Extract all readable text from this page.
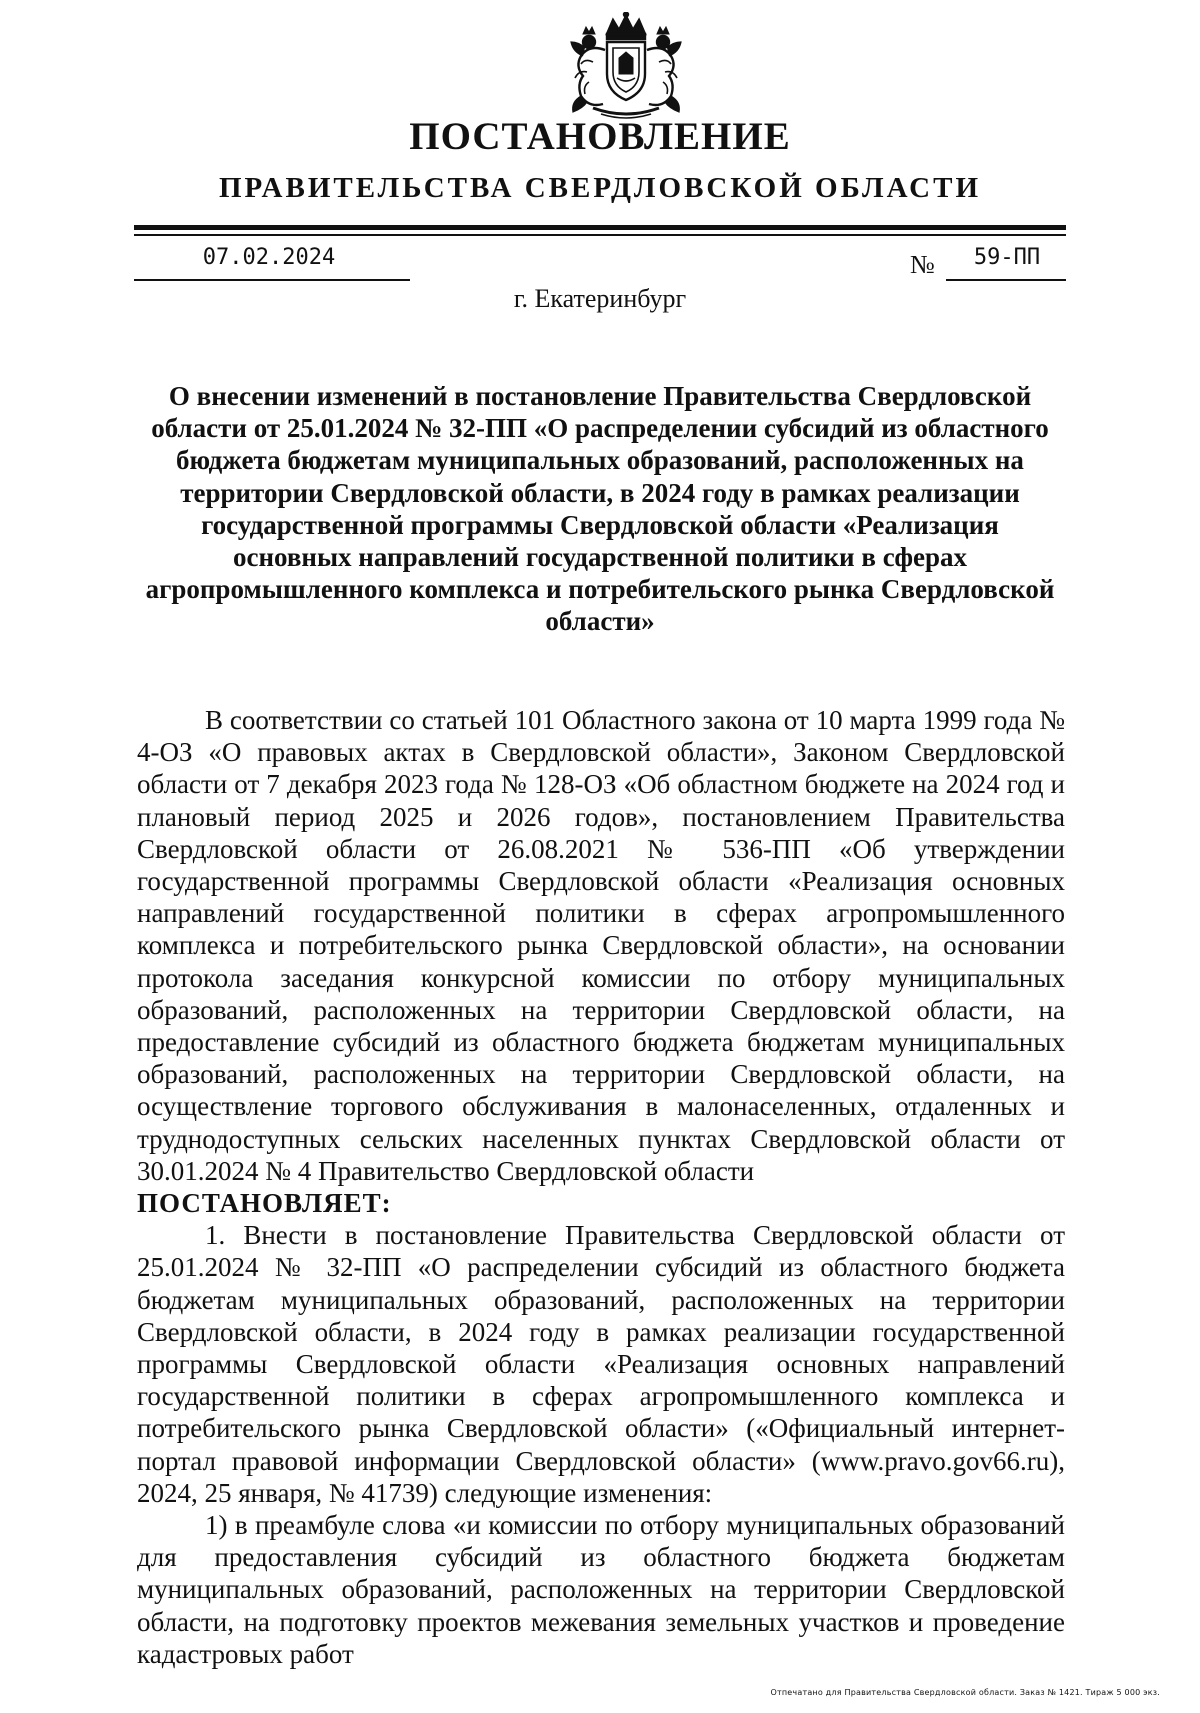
ПОСТАНОВЛЕНИЕ
ПРАВИТЕЛЬСТВА СВЕРДЛОВСКОЙ ОБЛАСТИ
07.02.2024	№	59-ПП
г. Екатеринбург
О внесении изменений в постановление Правительства Свердловской области от 25.01.2024 № 32-ПП «О распределении субсидий из областного бюджета бюджетам муниципальных образований, расположенных на территории Свердловской области, в 2024 году в рамках реализации государственной программы Свердловской области «Реализация основных направлений государственной политики в сферах агропромышленного комплекса и потребительского рынка Свердловской области»

В соответствии со статьей 101 Областного закона от 10 марта 1999 года № 4-ОЗ «О правовых актах в Свердловской области», Законом Свердловской области от 7 декабря 2023 года № 128-ОЗ «Об областном бюджете на 2024 год и плановый период 2025 и 2026 годов», постановлением Правительства Свердловской области от 26.08.2021 № 536-ПП «Об утверждении государственной программы Свердловской области «Реализация основных направлений государственной политики в сферах агропромышленного комплекса и потребительского рынка Свердловской области», на основании протокола заседания конкурсной комиссии по отбору муниципальных образований, расположенных на территории Свердловской области, на предоставление субсидий из областного бюджета бюджетам муниципальных образований, расположенных на территории Свердловской области, на осуществление торгового обслуживания в малонаселенных, отдаленных и труднодоступных сельских населенных пунктах Свердловской области от 30.01.2024 № 4 Правительство Свердловской области

ПОСТАНОВЛЯЕТ:

1. Внести в постановление Правительства Свердловской области от 25.01.2024 № 32-ПП «О распределении субсидий из областного бюджета бюджетам муниципальных образований, расположенных на территории Свердловской области, в 2024 году в рамках реализации государственной программы Свердловской области «Реализация основных направлений государственной политики в сферах агропромышленного комплекса и потребительского рынка Свердловской области» («Официальный интернет-портал правовой информации Свердловской области» (www.pravo.gov66.ru), 2024, 25 января, № 41739) следующие изменения:

1) в преамбуле слова «и комиссии по отбору муниципальных образований для предоставления субсидий из областного бюджета бюджетам муниципальных образований, расположенных на территории Свердловской области, на подготовку проектов межевания земельных участков и проведение кадастровых работ

Отпечатано для Правительства Свердловской области. Заказ № 1421. Тираж 5 000 экз.
